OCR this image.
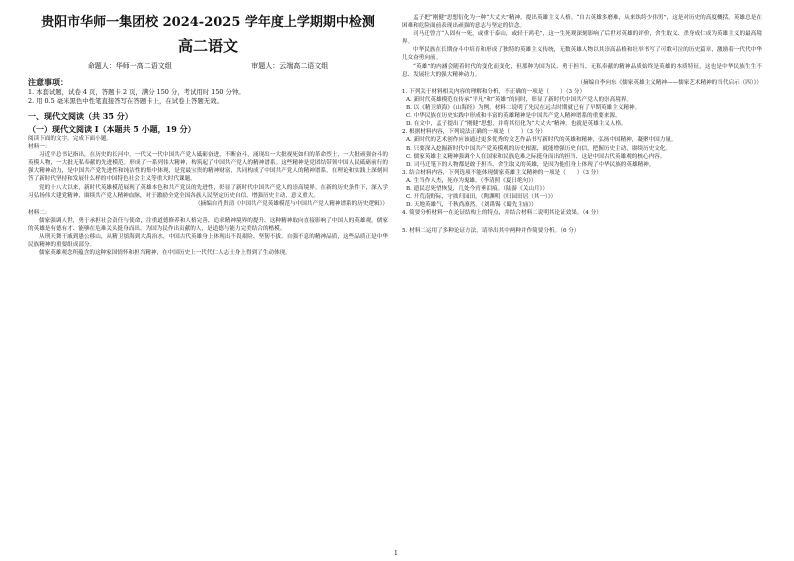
贵阳市华师一集团校 2024-2025 学年度上学期期中检测

高二语文

命题人：华师一高二语文组	审题人：云端高二语文组

注意事项：

1. 本套试题，试卷 4 页，答题卡 2 页，满分 150 分，考试用时 150 分钟。

2. 用 0.5 毫米黑色中性笔直接答写在答题卡上，在试卷上答题无效。

一、现代文阅读（共 35 分）

（一）现代文阅读 I（本题共 5 小题，19 分）

阅读下面的文字，完成下面小题。

材料一：

习近平总书记指出，在历史的长河中，一代又一代中国共产党人砥砺奋进，不断奋斗，涌现出一大批视死如归的革命烈士，一大批顽强奋斗的英模人物，一大批无私奉献的先进模范。形成了一系列伟大精神，构筑起了中国共产党人的精神谱系。这些精神是党团结带领中国人民砥砺前行的强大精神动力，是中国共产党先进性和纯洁性的集中体现，是党最宝贵的精神财富，共同构成了中国共产党人的精神谱系，在理论和实践上深刻回答了新时代坚持和发展什么样的中国特色社会主义等重大时代课题。

党的十八大以来，新时代英雄模范展现了英雄本色和共产党员的先进性，彰显了新时代中国共产党人的崇高境界。在新的历史条件下，深入学习弘扬伟大建党精神，赓续共产党人精神血脉，对于激励全党全国各族人民坚定历史自信、增强历史主动，意义重大。

（摘编自肖贵清《中国共产党英雄模范与中国共产党人精神谱系的历史逻辑》）

材料二：

儒家强调人世，勇于承担社会责任与使命，注重道德修养和人格完善，追求精神境界的提升，这种精神取向直接影响了中国人的英雄观。儒家的英雄是有德有才、能够在危难关头挺身而出、为国为民作出贡献的人，是道德与能力完美结合的楷模。

从刑天舞干戚到愚公移山，从精卫填海到大禹治水，中国古代英雄身上体现出不畏艰险、坚韧不拔、自强不息的精神品质，这些品质正是中华民族精神的重要组成部分。

儒家英雄观念所蕴含的这种家国情怀和担当精神，在中国历史上一代代仁人志士身上得到了生动体现。

孟子把“刚健”思想衍化为一种“大丈夫”精神，提出英雄主义人格。“自古英雄多磨难，从来纨绔少伟男”，这是对历史的高度概括。英雄总是在困难和危险面前表现出顽强的意志与坚定的信念。

司马迁曾言“人固有一死，或重于泰山，或轻于鸿毛”，这一生死观深刻影响了后世对英雄的评价，舍生取义、杀身成仁成为英雄主义的最高境界。

中华民族在长期奋斗中培育和形成了独特的英雄主义传统，无数英雄人物以其崇高品格和壮举书写了可歌可泣的历史篇章，激励着一代代中华儿女奋勇向前。

“英雄”的内涵会随着时代的变化而变化，但那种为国为民、勇于担当、无私奉献的精神品质始终是英雄的本质特征，这也是中华民族生生不息、发展壮大的强大精神动力。

（摘编自李向东《儒家英雄主义精神——儒家艺术精神的当代启示（四）》）

1. 下列关于材料相关内容的理解和分析，不正确的一项是（　　）（3 分）

A. 新时代英雄模范在传承“平凡”和“英雄”的同时，彰显了新时代中国共产党人的崇高境界。

B. 以《精卫填海》《山海经》为例，材料二说明了先民在远古时期就已有了早期英雄主义精神。

C. 中华民族在历史实践中形成和丰富的英雄精神是中国共产党人精神谱系的重要来源。

D. 在文中，孟子提出了“刚健”思想，并将其衍化为“大丈夫”精神，也就是英雄主义人格。

2. 根据材料内容，下列说法正确的一项是（　　）（3 分）

A. 新时代的艺术创作应该通过更多优秀的文艺作品书写新时代的英雄和精神，弘扬中国精神，凝聚中国力量。

B. 只要深入挖掘新时代中国共产党英模观的历史根源，就能增强历史自信，把握历史主动，赓续历史文化。

C. 儒家英雄主义精神强调个人在国家和民族危难之际挺身而出的担当，这是中国古代英雄观的核心内容。

D. 司马迁笔下的人物都是敢于担当、舍生取义的英雄，是因为他们身上体现了中华民族的英雄精神。

3. 结合材料内容，下列选项不能体现儒家英雄主义精神的一项是（　　）（3 分）

A. 生当作人杰，死亦为鬼雄。（李清照《夏日绝句》）

B. 遗民忍死望恢复，几处今宵垂泪痕。（陆游《关山月》）

C. 开荒南野际，守拙归园田。（陶渊明《归园田居（其一）》）

D. 天地英雄气，千秋尚凛然。（刘禹锡《蜀先主庙》）

4. 简要分析材料一在论证结构上的特点，并结合材料二说明其论证效果。（4 分）

5. 材料二运用了多种论证方法，请举出其中两种并作简要分析。（6 分）

1
